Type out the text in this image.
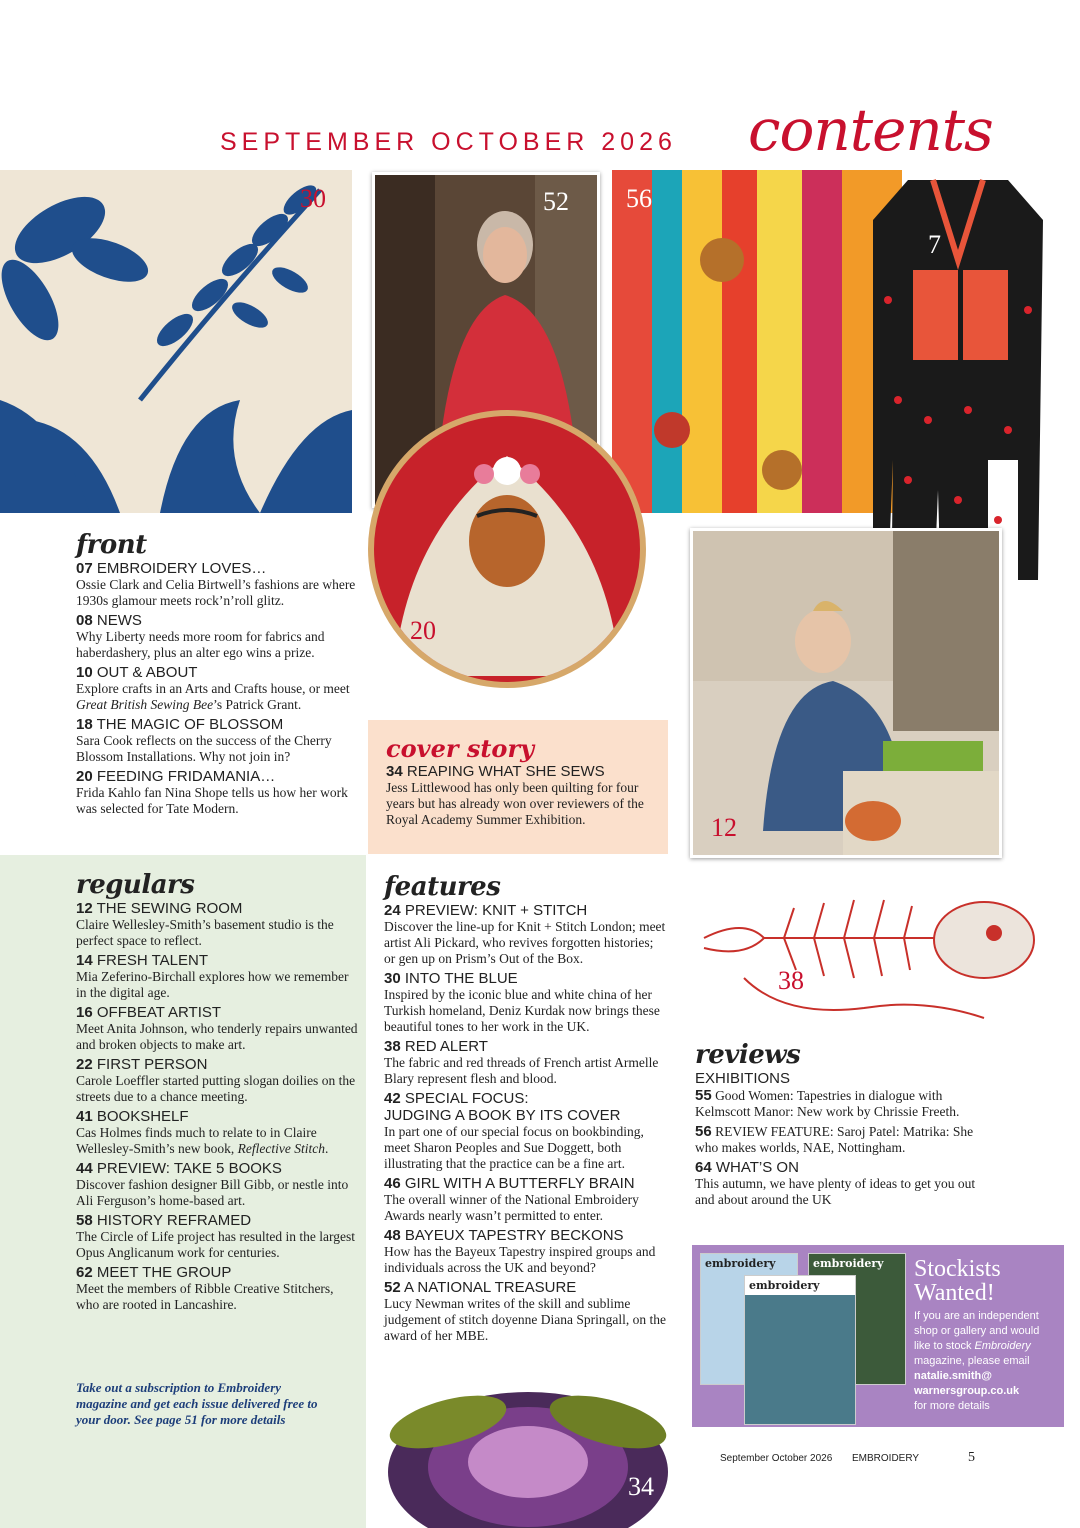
SEPTEMBER OCTOBER 2026 contents
30	52 56
7
20
12
front
07 EMBROIDERY LOVES…
Ossie Clark and Celia Birtwell’s fashions are where 1930s glamour meets rock’n’roll glitz.
08 NEWS
Why Liberty needs more room for fabrics and haberdashery, plus an alter ego wins a prize.
10 OUT & ABOUT
Explore crafts in an Arts and Crafts house, or meet Great British Sewing Bee’s Patrick Grant.
18 THE MAGIC OF BLOSSOM
Sara Cook reflects on the success of the Cherry Blossom Installations. Why not join in?
20 FEEDING FRIDAMANIA…
Frida Kahlo fan Nina Shope tells us how her work was selected for Tate Modern.
cover story
34 REAPING WHAT SHE SEWS
Jess Littlewood has only been quilting for four years but has already won over reviewers of the Royal Academy Summer Exhibition.
regulars
12 THE SEWING ROOM
Claire Wellesley-Smith’s basement studio is the perfect space to reflect.
14 FRESH TALENT
Mia Zeferino-Birchall explores how we remember in the digital age.
16 OFFBEAT ARTIST
Meet Anita Johnson, who tenderly repairs unwanted and broken objects to make art.
22 FIRST PERSON
Carole Loeffler started putting slogan doilies on the streets due to a chance meeting.
41 BOOKSHELF
Cas Holmes finds much to relate to in Claire Wellesley-Smith’s new book, Reflective Stitch.
44 PREVIEW: TAKE 5 BOOKS
Discover fashion designer Bill Gibb, or nestle into Ali Ferguson’s home-based art.
58 HISTORY REFRAMED
The Circle of Life project has resulted in the largest Opus Anglicanum work for centuries.
62 MEET THE GROUP
Meet the members of Ribble Creative Stitchers, who are rooted in Lancashire.
Take out a subscription to Embroidery magazine and get each issue delivered free to your door. See page 51 for more details
features
24 PREVIEW: KNIT + STITCH
Discover the line-up for Knit + Stitch London; meet artist Ali Pickard, who revives forgotten histories; or gen up on Prism’s Out of the Box.
30 INTO THE BLUE
Inspired by the iconic blue and white china of her Turkish homeland, Deniz Kurdak now brings these beautiful tones to her work in the UK.
38 RED ALERT
The fabric and red threads of French artist Armelle Blary represent flesh and blood.
42 SPECIAL FOCUS:
JUDGING A BOOK BY ITS COVER
In part one of our special focus on bookbinding, meet Sharon Peoples and Sue Doggett, both illustrating that the practice can be a fine art.
46 GIRL WITH A BUTTERFLY BRAIN
The overall winner of the National Embroidery Awards nearly wasn’t permitted to enter.
48 BAYEUX TAPESTRY BECKONS
How has the Bayeux Tapestry inspired groups and individuals across the UK and beyond?
52 A NATIONAL TREASURE
Lucy Newman writes of the skill and sublime judgement of stitch doyenne Diana Springall, on the award of her MBE.
34
38
reviews
EXHIBITIONS
55 Good Women: Tapestries in dialogue with Kelmscott Manor: New work by Chrissie Freeth.
56 REVIEW FEATURE: Saroj Patel: Matrika: She who makes worlds, NAE, Nottingham.
64 WHAT’S ON
This autumn, we have plenty of ideas to get you out and about around the UK
embroidery	embroidery
embroidery
Stockists
Wanted!
If you are an independent shop or gallery and would like to stock Embroidery magazine, please email
natalie.smith@
warnersgroup.co.uk
for more details
September October 2026 EMBROIDERY	5
